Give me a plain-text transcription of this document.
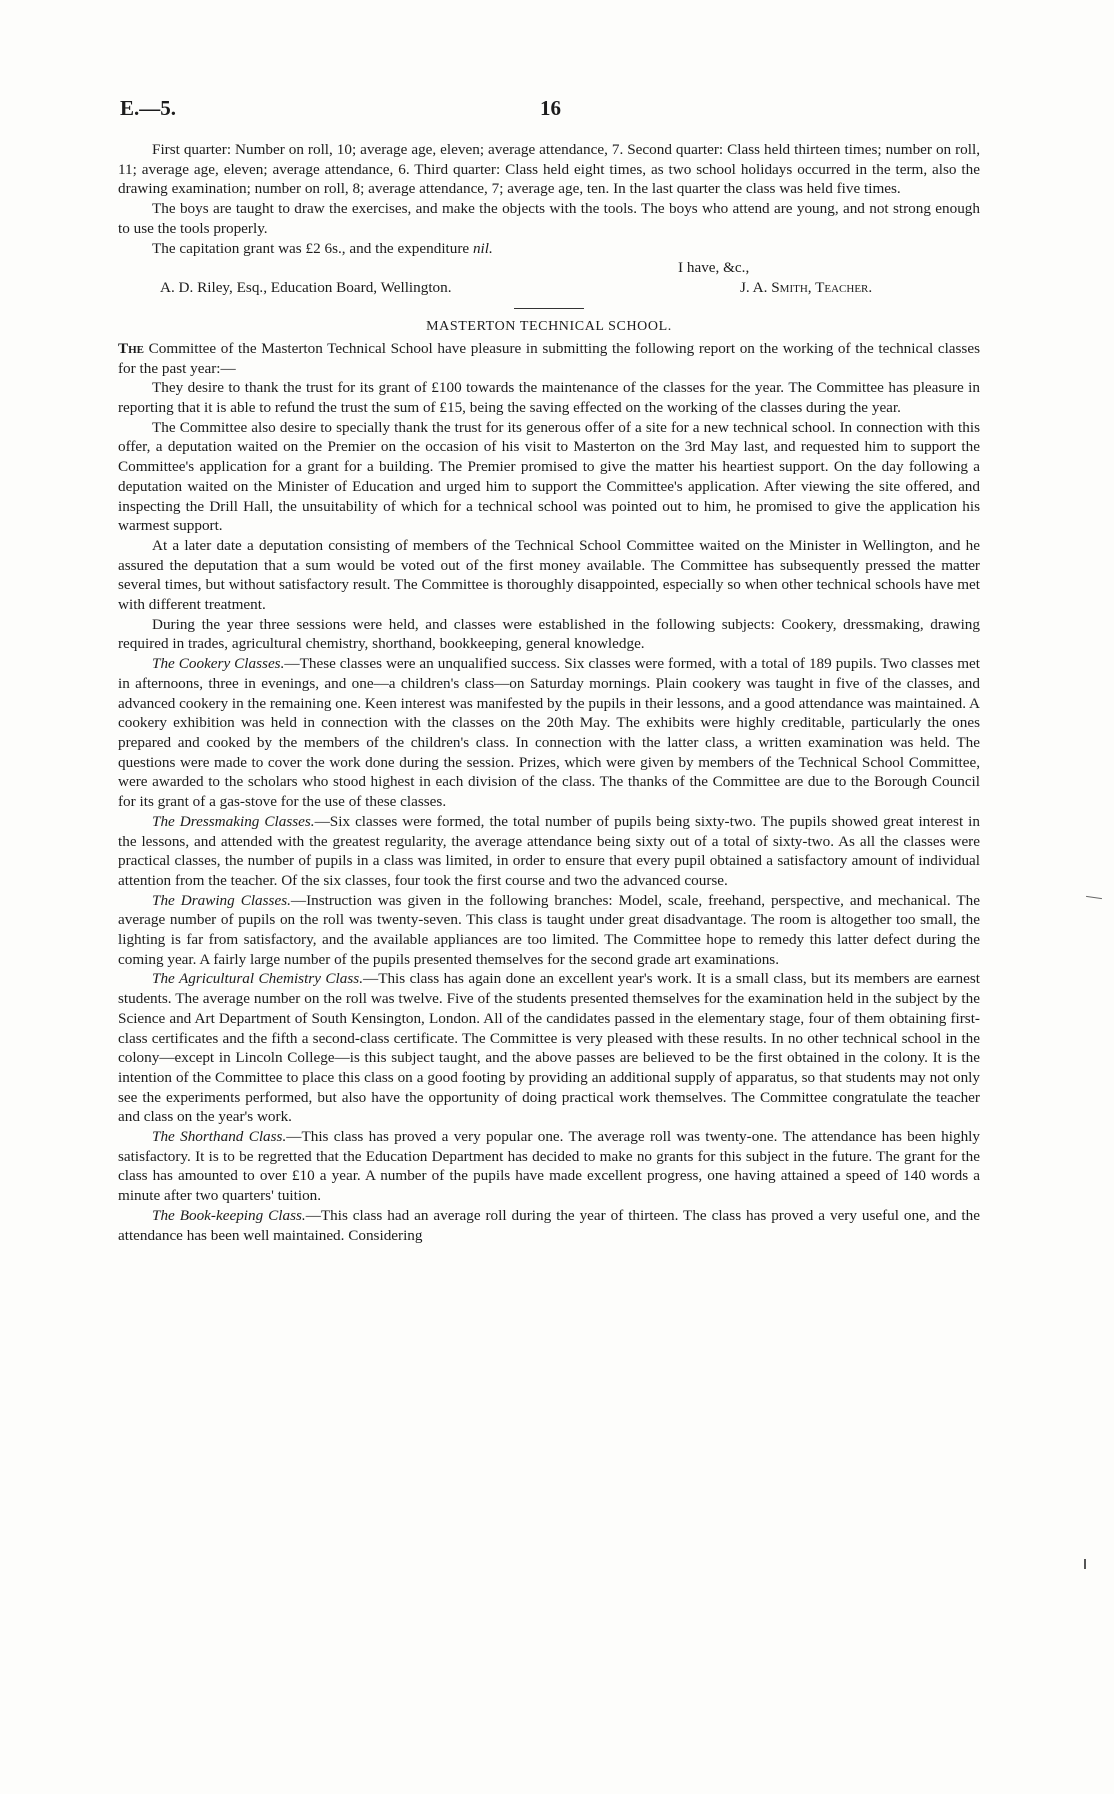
E.—5.	16

First quarter: Number on roll, 10; average age, eleven; average attendance, 7. Second quarter: Class held thirteen times; number on roll, 11; average age, eleven; average attendance, 6. Third quarter: Class held eight times, as two school holidays occurred in the term, also the drawing examination; number on roll, 8; average attendance, 7; average age, ten. In the last quarter the class was held five times.

The boys are taught to draw the exercises, and make the objects with the tools. The boys who attend are young, and not strong enough to use the tools properly.

The capitation grant was £2 6s., and the expenditure nil.

I have, &c.,
A. D. Riley, Esq., Education Board, Wellington.	J. A. Smith, Teacher.
MASTERTON TECHNICAL SCHOOL.

The Committee of the Masterton Technical School have pleasure in submitting the following report on the working of the technical classes for the past year:—

They desire to thank the trust for its grant of £100 towards the maintenance of the classes for the year. The Committee has pleasure in reporting that it is able to refund the trust the sum of £15, being the saving effected on the working of the classes during the year.

The Committee also desire to specially thank the trust for its generous offer of a site for a new technical school. In connection with this offer, a deputation waited on the Premier on the occasion of his visit to Masterton on the 3rd May last, and requested him to support the Committee's application for a grant for a building. The Premier promised to give the matter his heartiest support. On the day following a deputation waited on the Minister of Education and urged him to support the Committee's application. After viewing the site offered, and inspecting the Drill Hall, the unsuitability of which for a technical school was pointed out to him, he promised to give the application his warmest support.

At a later date a deputation consisting of members of the Technical School Committee waited on the Minister in Wellington, and he assured the deputation that a sum would be voted out of the first money available. The Committee has subsequently pressed the matter several times, but without satisfactory result. The Committee is thoroughly disappointed, especially so when other technical schools have met with different treatment.

During the year three sessions were held, and classes were established in the following subjects: Cookery, dressmaking, drawing required in trades, agricultural chemistry, shorthand, bookkeeping, general knowledge.

The Cookery Classes.—These classes were an unqualified success. Six classes were formed, with a total of 189 pupils. Two classes met in afternoons, three in evenings, and one—a children's class—on Saturday mornings. Plain cookery was taught in five of the classes, and advanced cookery in the remaining one. Keen interest was manifested by the pupils in their lessons, and a good attendance was maintained. A cookery exhibition was held in connection with the classes on the 20th May. The exhibits were highly creditable, particularly the ones prepared and cooked by the members of the children's class. In connection with the latter class, a written examination was held. The questions were made to cover the work done during the session. Prizes, which were given by members of the Technical School Committee, were awarded to the scholars who stood highest in each division of the class. The thanks of the Committee are due to the Borough Council for its grant of a gas-stove for the use of these classes.

The Dressmaking Classes.—Six classes were formed, the total number of pupils being sixty-two. The pupils showed great interest in the lessons, and attended with the greatest regularity, the average attendance being sixty out of a total of sixty-two. As all the classes were practical classes, the number of pupils in a class was limited, in order to ensure that every pupil obtained a satisfactory amount of individual attention from the teacher. Of the six classes, four took the first course and two the advanced course.

The Drawing Classes.—Instruction was given in the following branches: Model, scale, freehand, perspective, and mechanical. The average number of pupils on the roll was twenty-seven. This class is taught under great disadvantage. The room is altogether too small, the lighting is far from satisfactory, and the available appliances are too limited. The Committee hope to remedy this latter defect during the coming year. A fairly large number of the pupils presented themselves for the second grade art examinations.

The Agricultural Chemistry Class.—This class has again done an excellent year's work. It is a small class, but its members are earnest students. The average number on the roll was twelve. Five of the students presented themselves for the examination held in the subject by the Science and Art Department of South Kensington, London. All of the candidates passed in the elementary stage, four of them obtaining first-class certificates and the fifth a second-class certificate. The Committee is very pleased with these results. In no other technical school in the colony—except in Lincoln College—is this subject taught, and the above passes are believed to be the first obtained in the colony. It is the intention of the Committee to place this class on a good footing by providing an additional supply of apparatus, so that students may not only see the experiments performed, but also have the opportunity of doing practical work themselves. The Committee congratulate the teacher and class on the year's work.

The Shorthand Class.—This class has proved a very popular one. The average roll was twenty-one. The attendance has been highly satisfactory. It is to be regretted that the Education Department has decided to make no grants for this subject in the future. The grant for the class has amounted to over £10 a year. A number of the pupils have made excellent progress, one having attained a speed of 140 words a minute after two quarters' tuition.

The Book-keeping Class.—This class had an average roll during the year of thirteen. The class has proved a very useful one, and the attendance has been well maintained. Considering
